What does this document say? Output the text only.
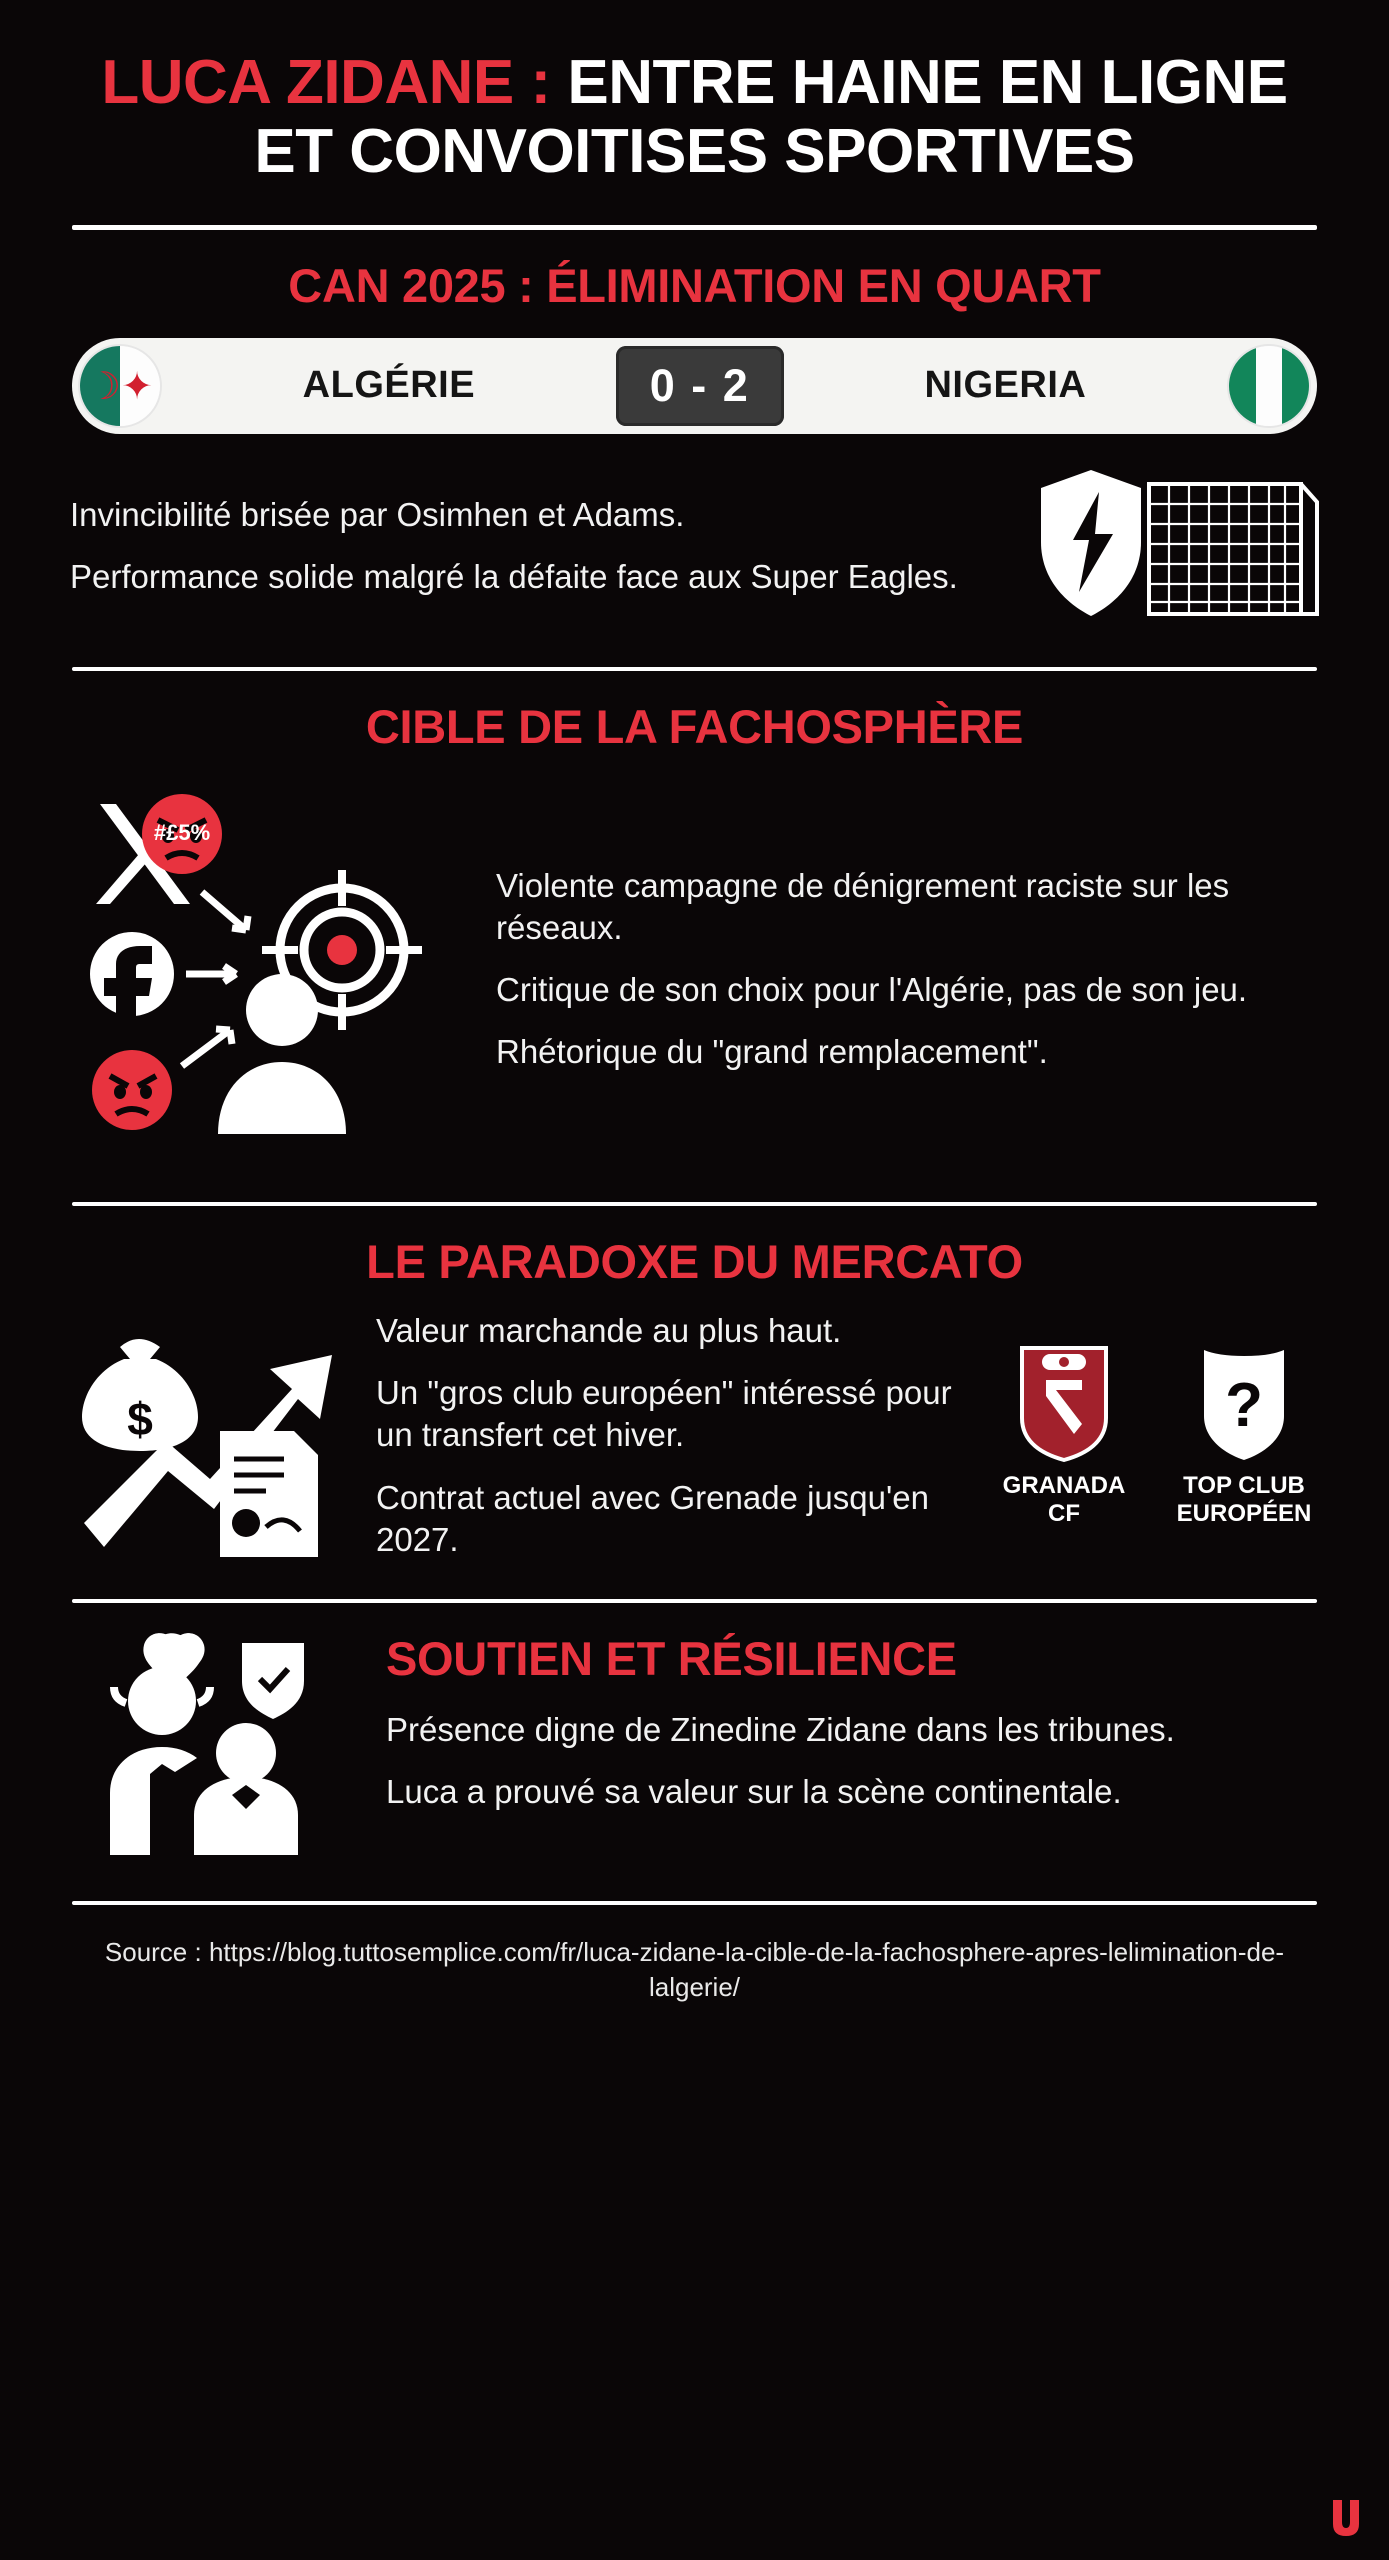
LUCA ZIDANE : ENTRE HAINE EN LIGNE ET CONVOITISES SPORTIVES
CAN 2025 : ÉLIMINATION EN QUART
☽✦	ALGÉRIE	0 - 2	NIGERIA

Invincibilité brisée par Osimhen et Adams.

Performance solide malgré la défaite face aux Super Eagles.

CIBLE DE LA FACHOSPHÈRE
#£5%

Violente campagne de dénigrement raciste sur les réseaux.

Critique de son choix pour l'Algérie, pas de son jeu.

Rhétorique du "grand remplacement".

LE PARADOXE DU MERCATO
$

Valeur marchande au plus haut.

Un "gros club européen" intéressé pour un transfert cet hiver.

Contrat actuel avec Grenade jusqu'en 2027.

GRANADA CF
?
TOP CLUB EUROPÉEN
SOUTIEN ET RÉSILIENCE

Présence digne de Zinedine Zidane dans les tribunes.

Luca a prouvé sa valeur sur la scène continentale.

Source : https://blog.tuttosemplice.com/fr/luca-zidane-la-cible-de-la-fachosphere-apres-lelimination-de-lalgerie/
